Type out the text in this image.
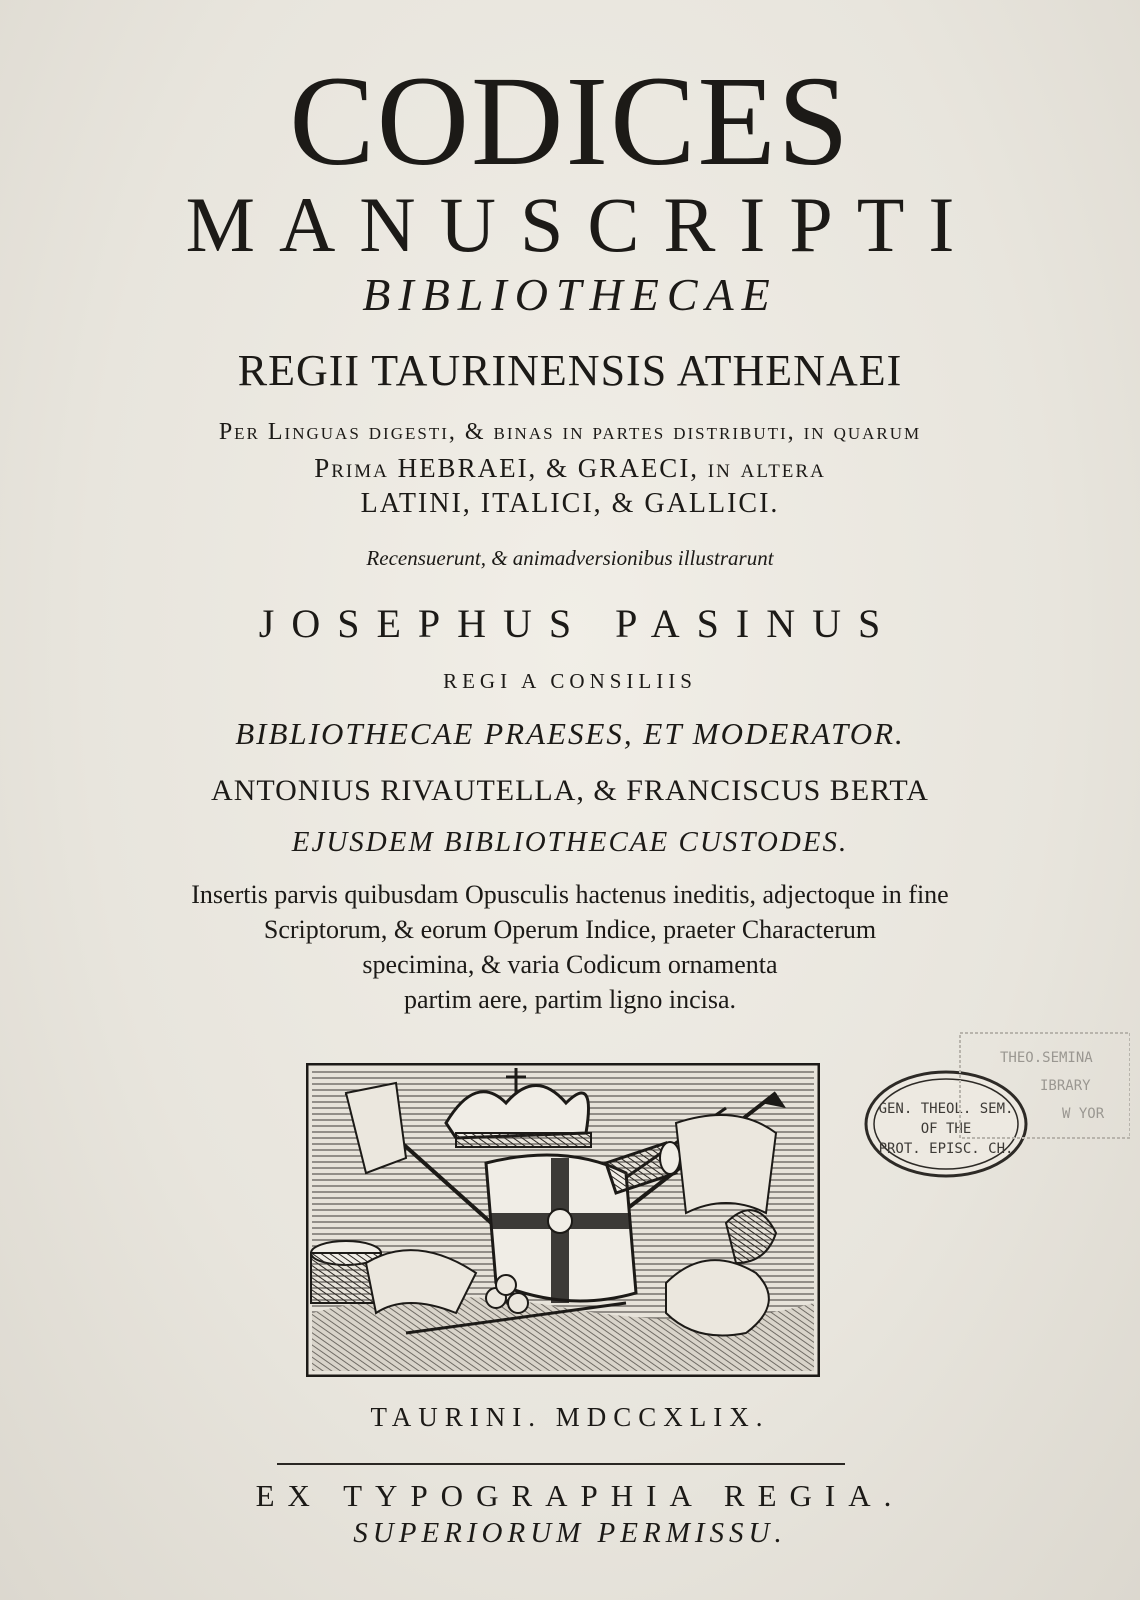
CODICES
MANUSCRIPTI
BIBLIOTHECAE
REGII TAURINENSIS ATHENAEI
Per Linguas digesti, & binas in partes distributi, in quarum
Prima HEBRAEI, & GRAECI, in altera
LATINI, ITALICI, & GALLICI.
Recensuerunt, & animadversionibus illustrarunt
JOSEPHUS PASINUS
REGI A CONSILIIS
BIBLIOTHECAE PRAESES, ET MODERATOR.
ANTONIUS RIVAUTELLA, & FRANCISCUS BERTA
EJUSDEM BIBLIOTHECAE CUSTODES.
Insertis parvis quibusdam Opusculis hactenus ineditis, adjectoque in fine
Scriptorum, & eorum Operum Indice, praeter Characterum
specimina, & varia Codicum ornamenta
partim aere, partim ligno incisa.
GEN. THEOL. SEM.
OF THE
PROT. EPISC. CH.
THEO.SEMINA
IBRARY
W YOR
TAURINI. MDCCXLIX.
EX TYPOGRAPHIA REGIA.
SUPERIORUM PERMISSU.
